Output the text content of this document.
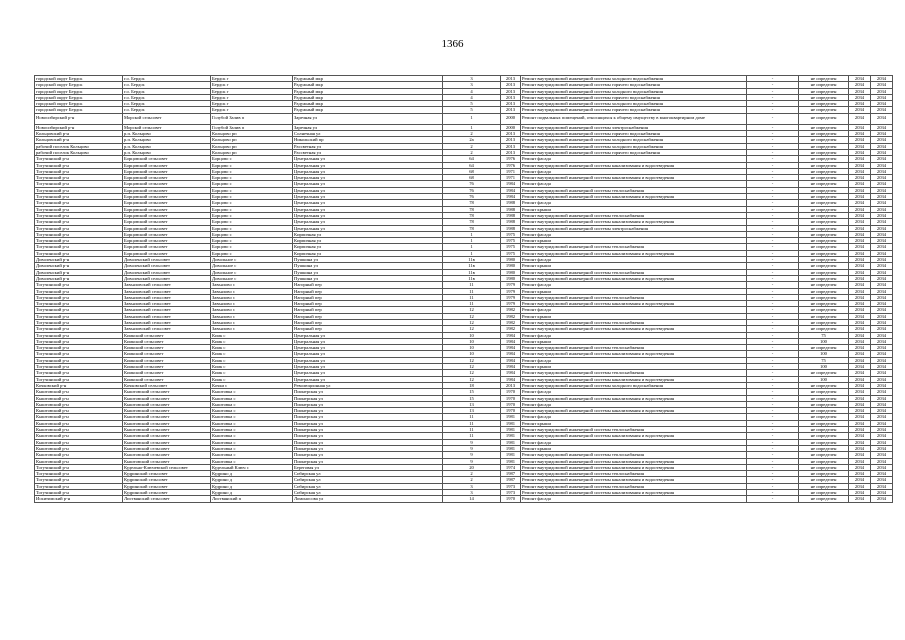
1366
городской округ Бердск	г.о. Бердск	Бердск г	Радужный мкр	3	2013	Ремонт внутридомовой инженерной системы холодного водоснабжения	-	не определен	2034	2034
городской округ Бердск	г.о. Бердск	Бердск г	Радужный мкр	3	2013	Ремонт внутридомовой инженерной системы горячего водоснабжения	-	не определен	2034	2034
городской округ Бердск	г.о. Бердск	Бердск г	Радужный мкр	4	2013	Ремонт внутридомовой инженерной системы холодного водоснабжения	-	не определен	2034	2034
городской округ Бердск	г.о. Бердск	Бердск г	Радужный мкр	4	2013	Ремонт внутридомовой инженерной системы горячего водоснабжения	-	не определен	2034	2034
городской округ Бердск	г.о. Бердск	Бердск г	Радужный мкр	5	2013	Ремонт внутридомовой инженерной системы холодного водоснабжения	-	не определен	2034	2034
городской округ Бердск	г.о. Бердск	Бердск г	Радужный мкр	5	2013	Ремонт внутридомовой инженерной системы горячего водоснабжения	-	не определен	2034	2034
Новосибирский р-н	Морской сельсовет	Голубой Залив п	Заречная ул	1	2000	Ремонт подвальных помещений, относящихся к общему имуществу в многоквартирном доме	-	не определен	2034	2034
Новосибирский р-н	Морской сельсовет	Голубой Залив п	Заречная ул	1	2000	Ремонт внутридомовой инженерной системы электроснабжения	-	не определен	2034	2034
Кольцовский р-н	р.п. Кольцово	Кольцово рп	Солнечная ул	2	2013	Ремонт внутридомовой инженерной системы горячего водоснабжения	-	не определен	2034	2034
Кольцовский р-н	р.п. Кольцово	Кольцово рп	Никольский пр	2а	2013	Ремонт внутридомовой инженерной системы холодного водоснабжения	-	не определен	2034	2034
рабочий поселок Кольцово	р.п. Кольцово	Кольцово рп	Рассветная ул	2	2013	Ремонт внутридомовой инженерной системы холодного водоснабжения	-	не определен	2034	2034
рабочий поселок Кольцово	р.п. Кольцово	Кольцово рп	Рассветная ул	2	2013	Ремонт внутридомовой инженерной системы горячего водоснабжения	-	не определен	2034	2034
Тогучинский р-н	Борцовский сельсовет	Борцово с	Центральная ул	64	1976	Ремонт фасада	-	не определен	2034	2034
Тогучинский р-н	Борцовский сельсовет	Борцово с	Центральная ул	64	1976	Ремонт внутридомовой инженерной системы канализования и водоотведения	-	не определен	2034	2034
Тогучинский р-н	Борцовский сельсовет	Борцово с	Центральная ул	68	1971	Ремонт фасада	-	не определен	2034	2034
Тогучинский р-н	Борцовский сельсовет	Борцово с	Центральная ул	68	1971	Ремонт внутридомовой инженерной системы канализования и водоотведения	-	не определен	2034	2034
Тогучинский р-н	Борцовский сельсовет	Борцово с	Центральная ул	76	1984	Ремонт фасада	-	не определен	2034	2034
Тогучинский р-н	Борцовский сельсовет	Борцово с	Центральная ул	76	1984	Ремонт внутридомовой инженерной системы теплоснабжения	-	не определен	2034	2034
Тогучинский р-н	Борцовский сельсовет	Борцово с	Центральная ул	76	1984	Ремонт внутридомовой инженерной системы канализования и водоотведения	-	не определен	2034	2034
Тогучинский р-н	Борцовский сельсовет	Борцово с	Центральная ул	78	1988	Ремонт фасада	-	не определен	2034	2034
Тогучинский р-н	Борцовский сельсовет	Борцово с	Центральная ул	78	1988	Ремонт крыши	-	не определен	2034	2034
Тогучинский р-н	Борцовский сельсовет	Борцово с	Центральная ул	78	1988	Ремонт внутридомовой инженерной системы теплоснабжения	-	не определен	2034	2034
Тогучинский р-н	Борцовский сельсовет	Борцово с	Центральная ул	78	1988	Ремонт внутридомовой инженерной системы канализования и водоотведения	-	не определен	2034	2034
Тогучинский р-н	Борцовский сельсовет	Борцово с	Центральная ул	78	1988	Ремонт внутридомовой инженерной системы электроснабжения	-	не определен	2034	2034
Тогучинский р-н	Борцовский сельсовет	Борцово с	Кирпичная ул	1	1975	Ремонт фасада	-	не определен	2034	2034
Тогучинский р-н	Борцовский сельсовет	Борцово с	Кирпичная ул	1	1975	Ремонт крыши	-	не определен	2034	2034
Тогучинский р-н	Борцовский сельсовет	Борцово с	Кирпичная ул	1	1975	Ремонт внутридомовой инженерной системы теплоснабжения	-	не определен	2034	2034
Тогучинский р-н	Борцовский сельсовет	Борцово с	Кирпичная ул	1	1975	Ремонт внутридомовой инженерной системы канализования и водоотведения	-	не определен	2034	2034
Доволенский р-н	Доволенский сельсовет	Довольное с	Пушкина ул	11в	1980	Ремонт фасада	-	не определен	2034	2034
Доволенский р-н	Доволенский сельсовет	Довольное с	Пушкина ул	11в	1980	Ремонт крыши	-	не определен	2034	2034
Доволенский р-н	Доволенский сельсовет	Довольное с	Пушкина ул	11в	1980	Ремонт внутридомовой инженерной системы теплоснабжения	-	не определен	2034	2034
Доволенский р-н	Доволенский сельсовет	Довольное с	Пушкина ул	11в	1980	Ремонт внутридомовой инженерной системы канализования и водоотведения	-	не определен	2034	2034
Тогучинский р-н	Завьяловский сельсовет	Завьялово с	Нагорный пер	11	1979	Ремонт фасада	-	не определен	2034	2034
Тогучинский р-н	Завьяловский сельсовет	Завьялово с	Нагорный пер	11	1979	Ремонт крыши	-	не определен	2034	2034
Тогучинский р-н	Завьяловский сельсовет	Завьялово с	Нагорный пер	11	1979	Ремонт внутридомовой инженерной системы теплоснабжения	-	не определен	2034	2034
Тогучинский р-н	Завьяловский сельсовет	Завьялово с	Нагорный пер	11	1979	Ремонт внутридомовой инженерной системы канализования и водоотведения	-	не определен	2034	2034
Тогучинский р-н	Завьяловский сельсовет	Завьялово с	Нагорный пер	12	1982	Ремонт фасада	-	не определен	2034	2034
Тогучинский р-н	Завьяловский сельсовет	Завьялово с	Нагорный пер	12	1982	Ремонт крыши	-	не определен	2034	2034
Тогучинский р-н	Завьяловский сельсовет	Завьялово с	Нагорный пер	12	1982	Ремонт внутридомовой инженерной системы теплоснабжения	-	не определен	2034	2034
Тогучинский р-н	Завьяловский сельсовет	Завьялово с	Нагорный пер	12	1982	Ремонт внутридомовой инженерной системы канализования и водоотведения	-	не определен	2034	2034
Тогучинский р-н	Киикский сельсовет	Киик с	Центральная ул	10	1984	Ремонт фасада	-	75	2034	2034
Тогучинский р-н	Киикский сельсовет	Киик с	Центральная ул	10	1984	Ремонт крыши	-	100	2034	2034
Тогучинский р-н	Киикский сельсовет	Киик с	Центральная ул	10	1984	Ремонт внутридомовой инженерной системы теплоснабжения	-	не определен	2034	2034
Тогучинский р-н	Киикский сельсовет	Киик с	Центральная ул	10	1984	Ремонт внутридомовой инженерной системы канализования и водоотведения	-	100	2034	2034
Тогучинский р-н	Киикский сельсовет	Киик с	Центральная ул	12	1984	Ремонт фасада	-	75	2034	2034
Тогучинский р-н	Киикский сельсовет	Киик с	Центральная ул	12	1984	Ремонт крыши	-	100	2034	2034
Тогучинский р-н	Киикский сельсовет	Киик с	Центральная ул	12	1984	Ремонт внутридомовой инженерной системы теплоснабжения	-	не определен	2034	2034
Тогучинский р-н	Киикский сельсовет	Киик с	Центральная ул	12	1984	Ремонт внутридомовой инженерной системы канализования и водоотведения	-	100	2034	2034
Кочковский р-н	Кочковский сельсовет	Кочки с	Революционная ул	18	2013	Ремонт внутридомовой инженерной системы холодного водоснабжения	-	не определен	2034	2034
Кыштовский р-н	Кыштовский сельсовет	Кыштовка с	Пионерская ул	15	1970	Ремонт фасада	-	не определен	2034	2034
Кыштовский р-н	Кыштовский сельсовет	Кыштовка с	Пионерская ул	15	1970	Ремонт внутридомовой инженерной системы канализования и водоотведения	-	не определен	2034	2034
Кыштовский р-н	Кыштовский сельсовет	Кыштовка с	Пионерская ул	13	1970	Ремонт фасада	-	не определен	2034	2034
Кыштовский р-н	Кыштовский сельсовет	Кыштовка с	Пионерская ул	13	1970	Ремонт внутридомовой инженерной системы канализования и водоотведения	-	не определен	2034	2034
Кыштовский р-н	Кыштовский сельсовет	Кыштовка с	Пионерская ул	11	1981	Ремонт фасада	-	не определен	2034	2034
Кыштовский р-н	Кыштовский сельсовет	Кыштовка с	Пионерская ул	11	1981	Ремонт крыши	-	не определен	2034	2034
Кыштовский р-н	Кыштовский сельсовет	Кыштовка с	Пионерская ул	11	1981	Ремонт внутридомовой инженерной системы теплоснабжения	-	не определен	2034	2034
Кыштовский р-н	Кыштовский сельсовет	Кыштовка с	Пионерская ул	11	1981	Ремонт внутридомовой инженерной системы канализования и водоотведения	-	не определен	2034	2034
Кыштовский р-н	Кыштовский сельсовет	Кыштовка с	Пионерская ул	9	1981	Ремонт фасада	-	не определен	2034	2034
Кыштовский р-н	Кыштовский сельсовет	Кыштовка с	Пионерская ул	9	1981	Ремонт крыши	-	не определен	2034	2034
Кыштовский р-н	Кыштовский сельсовет	Кыштовка с	Пионерская ул	9	1981	Ремонт внутридомовой инженерной системы теплоснабжения	-	не определен	2034	2034
Кыштовский р-н	Кыштовский сельсовет	Кыштовка с	Пионерская ул	9	1981	Ремонт внутридомовой инженерной системы канализования и водоотведения	-	не определен	2034	2034
Тогучинский р-н	Кудельно-Ключевской сельсовет	Кудельный Ключ с	Береговая ул	20	1974	Ремонт внутридомовой инженерной системы канализования и водоотведения	-	не определен	2034	2034
Тогучинский р-н	Кудринский сельсовет	Кудрино д	Сибирская ул	2	1987	Ремонт внутридомовой инженерной системы теплоснабжения	-	не определен	2034	2034
Тогучинский р-н	Кудринский сельсовет	Кудрино д	Сибирская ул	2	1987	Ремонт внутридомовой инженерной системы канализования и водоотведения	-	не определен	2034	2034
Тогучинский р-н	Кудринский сельсовет	Кудрино д	Сибирская ул	3	1973	Ремонт внутридомовой инженерной системы теплоснабжения	-	не определен	2034	2034
Тогучинский р-н	Кудринский сельсовет	Кудрино д	Сибирская ул	3	1973	Ремонт внутридомовой инженерной системы канализования и водоотведения	-	не определен	2034	2034
Искитимский р-н	Листвянский сельсовет	Листвянский п	Ломоносова ул	14	1970	Ремонт фасада	-	не определен	2034	2034
